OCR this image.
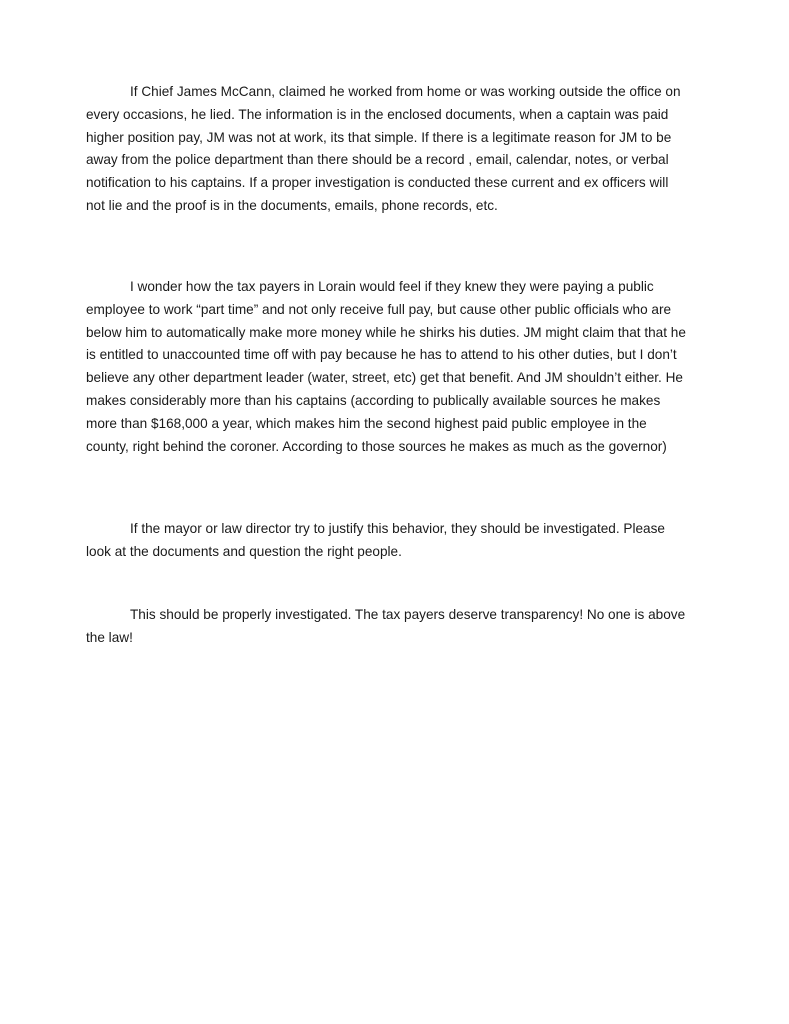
If Chief James McCann, claimed he worked from home or was working outside the office on every occasions, he lied. The information is in the enclosed documents, when a captain was paid higher position pay, JM was not at work, its that simple. If there is a legitimate reason for JM to be away from the police department than there should be a record , email, calendar, notes, or verbal notification to his captains. If a proper investigation is conducted these current and ex officers will not lie and the proof is in the documents, emails, phone records, etc.

I wonder how the tax payers in Lorain would feel if they knew they were paying a public employee to work “part time” and not only receive full pay, but cause other public officials who are below him to automatically make more money while he shirks his duties. JM might claim that that he is entitled to unaccounted time off with pay because he has to attend to his other duties, but I don’t believe any other department leader (water, street, etc) get that benefit. And JM shouldn’t either. He makes considerably more than his captains (according to publically available sources he makes more than $168,000 a year, which makes him the second highest paid public employee in the county, right behind the coroner. According to those sources he makes as much as the governor)

If the mayor or law director try to justify this behavior, they should be investigated. Please look at the documents and question the right people.

This should be properly investigated. The tax payers deserve transparency! No one is above the law!
